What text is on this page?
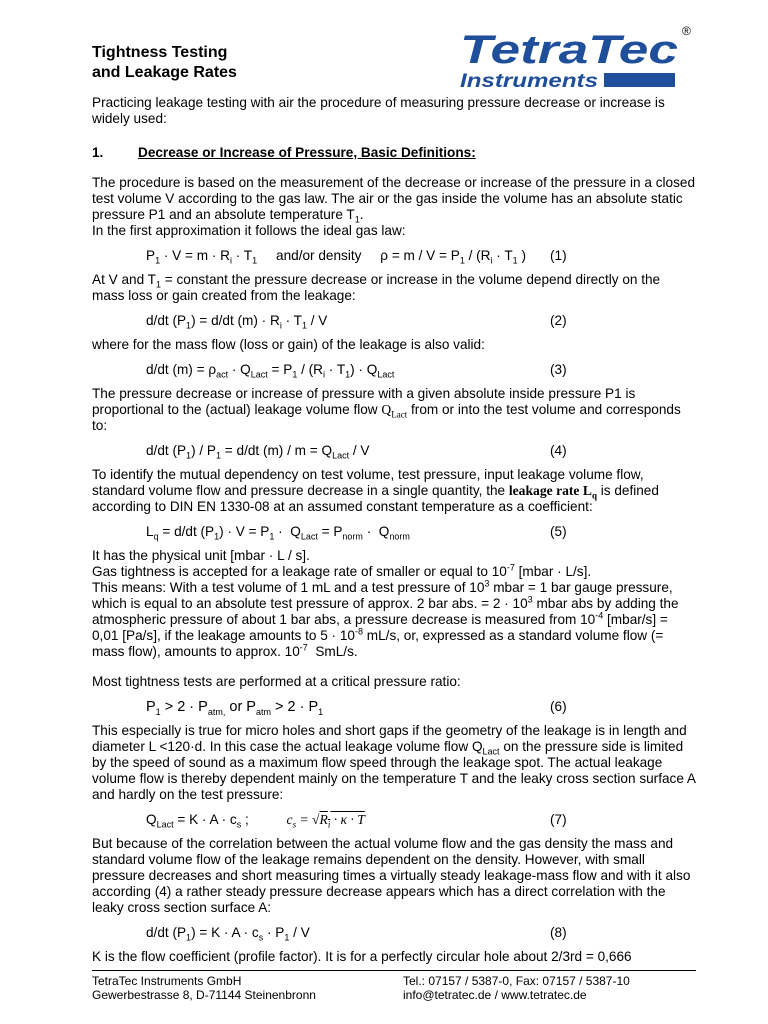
Tightness Testing
and Leakage Rates
TetraTec ®
Instruments

Practicing leakage testing with air the procedure of measuring pressure decrease or increase is widely used:

1.	Decrease or Increase of Pressure, Basic Definitions:

The procedure is based on the measurement of the decrease or increase of the pressure in a closed test volume V according to the gas law. The air or the gas inside the volume has an absolute static pressure P1 and an absolute temperature $T_1$.

In the first approximation it follows the ideal gas law:

$P_1 \cdot V = m \cdot R_i \cdot T_1$ and/or density     $\rho = m / V = P_1 / (R_i \cdot T_1$ ) (1)

At V and $T_1$ = constant the pressure decrease or increase in the volume depend directly on the mass loss or gain created from the leakage:

d/dt $(P_1) = d/dt$ $(m) \cdot R_i \cdot T_1 / V$	(2)

where for the mass flow (loss or gain) of the leakage is also valid:

d/dt $(m) = \rho_{act} \cdot Q_{Lact} = P_1 / (R_i \cdot T_1) \cdot Q_{Lact}$	(3)

The pressure decrease or increase of pressure with a given absolute inside pressure P1 is proportional to the (actual) leakage volume flow $Q_{Lact}$ from or into the test volume and corresponds to:

d/dt $(P_1) / P_1 = d/dt$ $(m) / m = Q_{Lact} / V$	(4)

To identify the mutual dependency on test volume, test pressure, input leakage volume flow, standard volume flow and pressure decrease in a single quantity, the leakage rate $L_q$ is defined according to DIN EN 1330-08 at an assumed constant temperature as a coefficient:

$L_q = d/dt$ $(P_1) \cdot V = P_1 \cdot Q_{Lact} = P_{norm} \cdot Q_{norm}$	(5)

It has the physical unit [mbar · L / s].

Gas tightness is accepted for a leakage rate of smaller or equal to $10^{-7}$ [mbar · L/s].

This means: With a test volume of 1 mL and a test pressure of $10^3$ mbar = 1 bar gauge pressure, which is equal to an absolute test pressure of approx. 2 bar abs. = $2 \cdot 10^3$ mbar abs by adding the atmospheric pressure of about 1 bar abs, a pressure decrease is measured from $10^{-4}$ [mbar/s] = 0,01 [Pa/s], if the leakage amounts to $5 \cdot 10^{-8}$ mL/s, or, expressed as a standard volume flow (= mass flow), amounts to approx. $10^{-7}$ SmL/s.

Most tightness tests are performed at a critical pressure ratio:

$P_1 > 2 \cdot P_{atm,}$ or $P_{atm} > 2 \cdot P_1$	(6)

This especially is true for micro holes and short gaps if the geometry of the leakage is in length and diameter L <120·d. In this case the actual leakage volume flow $Q_{Lact}$ on the pressure side is limited by the speed of sound as a maximum flow speed through the leakage spot. The actual leakage volume flow is thereby dependent mainly on the temperature T and the leaky cross section surface A and hardly on the test pressure:

$Q_{Lact} = K \cdot A \cdot c_s$ ;          $c_s = √R_i \cdot \kappa \cdot T$	(7)

But because of the correlation between the actual volume flow and the gas density the mass and standard volume flow of the leakage remains dependent on the density. However, with small pressure decreases and short measuring times a virtually steady leakage-mass flow and with it also according (4) a rather steady pressure decrease appears which has a direct correlation with the leaky cross section surface A:

d/dt $(P_1) = K \cdot A \cdot c_s \cdot P_1 / V$	(8)

K is the flow coefficient (profile factor). It is for a perfectly circular hole about 2/3rd = 0,666

TetraTec Instruments GmbH
Gewerbestrasse 8, D-71144 Steinenbronn
Tel.: 07157 / 5387-0, Fax: 07157 / 5387-10
info@tetratec.de / www.tetratec.de
